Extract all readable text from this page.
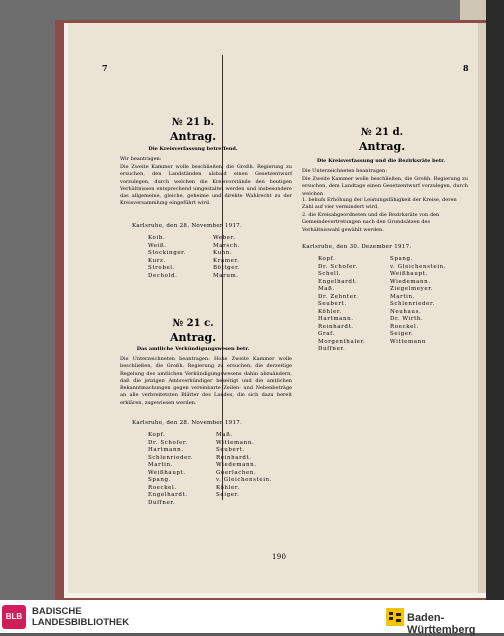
7	8
№ 21 b.
Antrag.
Die Kreisverfassung betreffend.
Wir beantragen:
Die Zweite Kammer wolle beschließen, die Großh. Regierung zu ersuchen, den Landständen alsbald einen Gesetzentwurf vorzulegen, durch welchen die Kreisvorstände den heutigen Verhältnissen entsprechend umgestaltet werden und insbesondere das allgemeine, gleiche, geheime und direkte Wahlrecht zu der Kreisversammlung eingeführt wird.
Karlsruhe, den 28. November 1917.
Koib.	Weber.
Weiß.	Marsch.
Stockinger.	Kuhn.
Kurz.	Kramer.
Strobel.	Böttger.
Dechold.	Marum.
№ 21 c.
Antrag.
Das amtliche Verkündigungswesen betr.
Die Unterzeichneten beantragen: Hohe Zweite Kammer wolle beschließen, die Großh. Regierung zu ersuchen, die derzeitige Regelung des amtlichen Verkündigungswesens dahin abzuändern, daß die jetzigen Amtsverkündiger beseitigt und die amtlichen Bekanntmachungen gegen vereinbarte Zeilen- und Nebenbeträge an alle verbreitetsten Blätter des Landes, die sich dazu bereit erklären, zugewiesen werden.
Karlsruhe, den 28. November 1917.
Kopf.	Maß.
Dr. Schofer.	Wittemann.
Hartmann.	Seubert.
Schlenrieder.	Reinhardt.
Martin.	Wiedemann.
Weißhaupt.	Goerlachen.
Spang.	v. Gleichenstein.
Roeckel.	Köhler.
Engelhardt.	Seiger.
Duffner.
№ 21 d.
Antrag.
Die Kreisverfassung und die Bezirksräte betr.
Die Unterzeichneten beantragen:
Die Zweite Kammer wolle beschließen, die Großh. Regierung zu ersuchen, dem Landtage einen Gesetzentwurf vorzulegen, durch welchen
1. behufs Erhöhung der Leistungsfähigkeit der Kreise, deren Zahl auf vier vermindert wird,
2. die Kreisabgeordneten und die Bezirksräte von den Gemeindevertretungen nach den Grundsätzen des Verhältniswahl gewählt werden.
Karlsruhe, den 30. Dezember 1917.
Kopf.	Spang.
Dr. Schofer.	v. Gleichenstein.
Schell.	Weißhaupt.
Engelhardt.	Wiedemann.
Maß.	Ziegelmeyer.
Dr. Zehnter.	Martin.
Seubert.	Schlenrieder.
Köhler.	Neuhaus.
Hartmann.	Dr. Wirth.
Reinhardt.	Roeckel.
Graf.	Seiger.
Morgenthaler.	Wittemann
Duffner.
190
BLB	BADISCHE
LANDESBIBLIOTHEK	Baden-Württemberg
